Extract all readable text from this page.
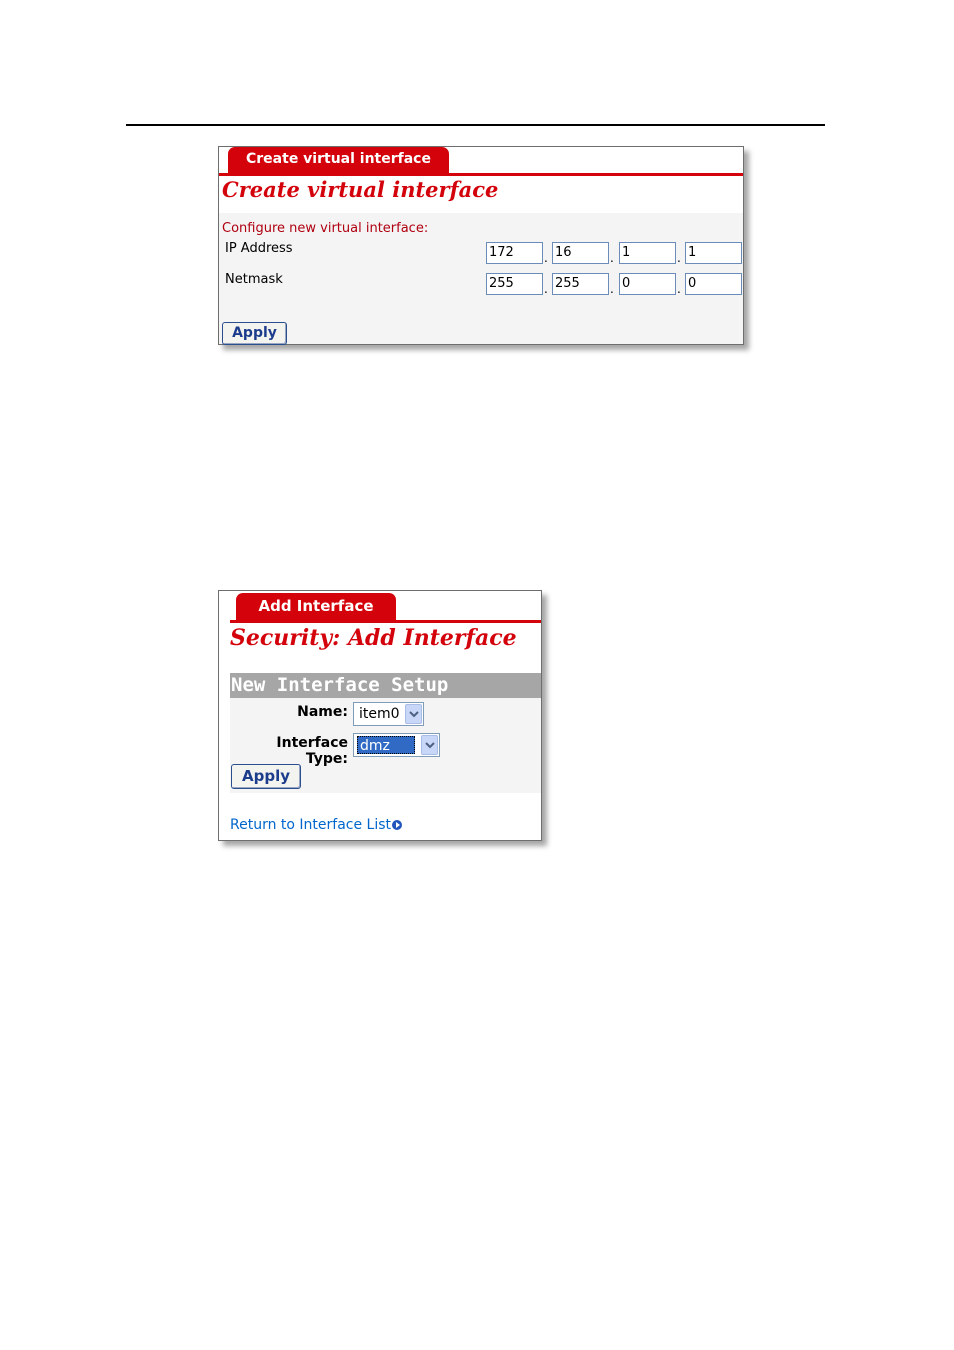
Create virtual interface
Create virtual interface
Configure new virtual interface:
IP Address	172	. 16	. 1	. 1
Netmask	255	. 255	. 0	. 0
Apply
Add Interface
Security: Add Interface
New Interface Setup
Name: item0
Interface Type:
dmz
Apply
Return to Interface List
